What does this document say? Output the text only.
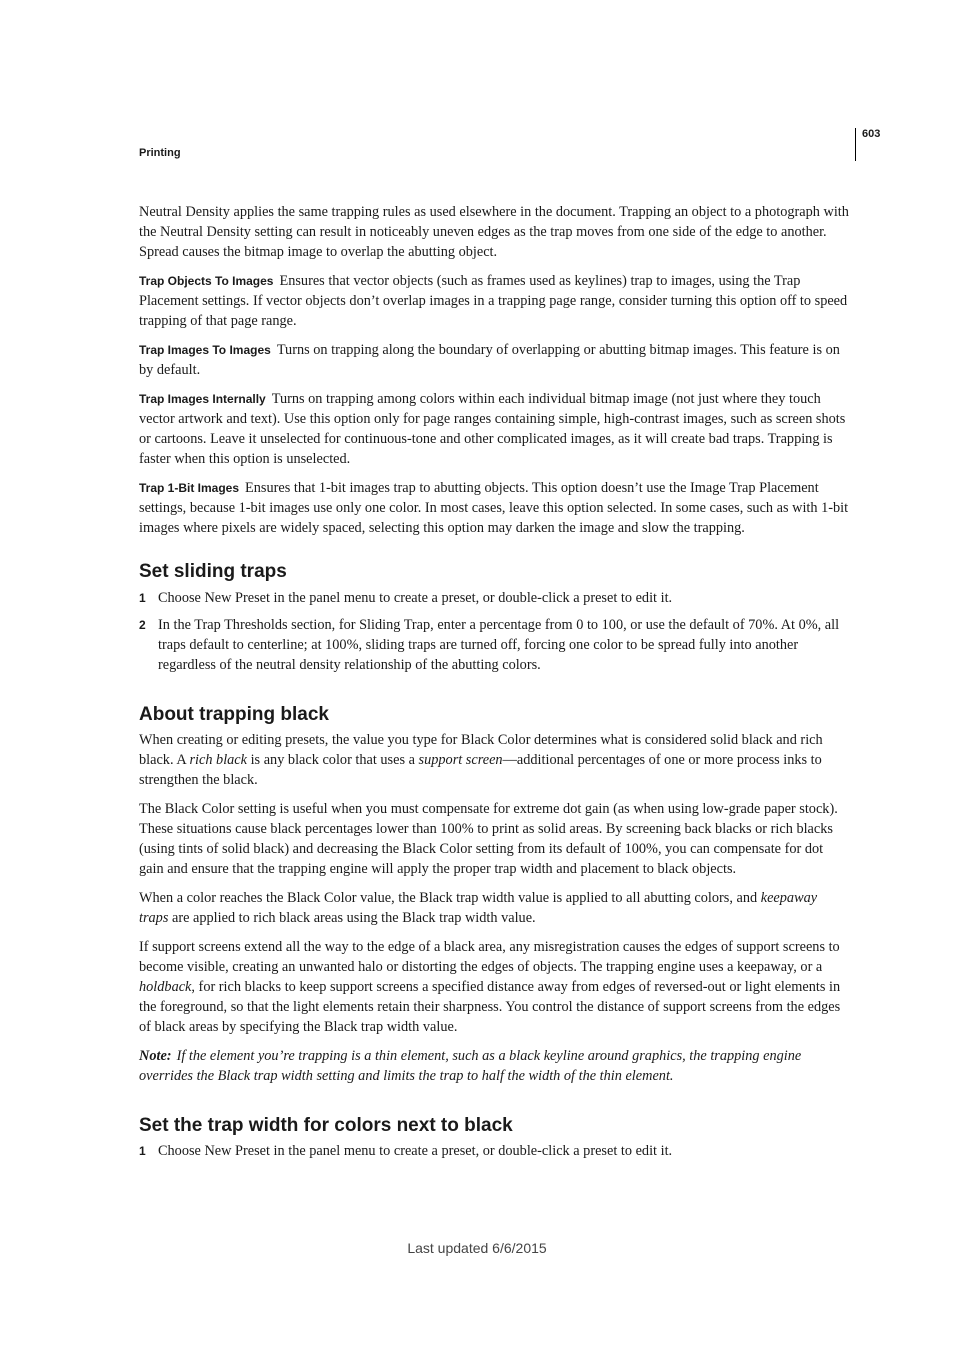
603
Printing

Neutral Density applies the same trapping rules as used elsewhere in the document. Trapping an object to a photograph with the Neutral Density setting can result in noticeably uneven edges as the trap moves from one side of the edge to another. Spread causes the bitmap image to overlap the abutting object.

Trap Objects To Images Ensures that vector objects (such as frames used as keylines) trap to images, using the Trap Placement settings. If vector objects don’t overlap images in a trapping page range, consider turning this option off to speed trapping of that page range.

Trap Images To Images Turns on trapping along the boundary of overlapping or abutting bitmap images. This feature is on by default.

Trap Images Internally Turns on trapping among colors within each individual bitmap image (not just where they touch vector artwork and text). Use this option only for page ranges containing simple, high-contrast images, such as screen shots or cartoons. Leave it unselected for continuous-tone and other complicated images, as it will create bad traps. Trapping is faster when this option is unselected.

Trap 1-Bit Images Ensures that 1-bit images trap to abutting objects. This option doesn’t use the Image Trap Placement settings, because 1-bit images use only one color. In most cases, leave this option selected. In some cases, such as with 1-bit images where pixels are widely spaced, selecting this option may darken the image and slow the trapping.

Set sliding traps
1 Choose New Preset in the panel menu to create a preset, or double-click a preset to edit it.
2 In the Trap Thresholds section, for Sliding Trap, enter a percentage from 0 to 100, or use the default of 70%. At 0%, all traps default to centerline; at 100%, sliding traps are turned off, forcing one color to be spread fully into another regardless of the neutral density relationship of the abutting colors.
About trapping black

When creating or editing presets, the value you type for Black Color determines what is considered solid black and rich black. A rich black is any black color that uses a support screen—additional percentages of one or more process inks to strengthen the black.

The Black Color setting is useful when you must compensate for extreme dot gain (as when using low-grade paper stock). These situations cause black percentages lower than 100% to print as solid areas. By screening back blacks or rich blacks (using tints of solid black) and decreasing the Black Color setting from its default of 100%, you can compensate for dot gain and ensure that the trapping engine will apply the proper trap width and placement to black objects.

When a color reaches the Black Color value, the Black trap width value is applied to all abutting colors, and keepaway traps are applied to rich black areas using the Black trap width value.

If support screens extend all the way to the edge of a black area, any misregistration causes the edges of support screens to become visible, creating an unwanted halo or distorting the edges of objects. The trapping engine uses a keepaway, or a holdback, for rich blacks to keep support screens a specified distance away from edges of reversed-out or light elements in the foreground, so that the light elements retain their sharpness. You control the distance of support screens from the edges of black areas by specifying the Black trap width value.

Note: If the element you’re trapping is a thin element, such as a black keyline around graphics, the trapping engine overrides the Black trap width setting and limits the trap to half the width of the thin element.

Set the trap width for colors next to black
1 Choose New Preset in the panel menu to create a preset, or double-click a preset to edit it.
Last updated 6/6/2015
